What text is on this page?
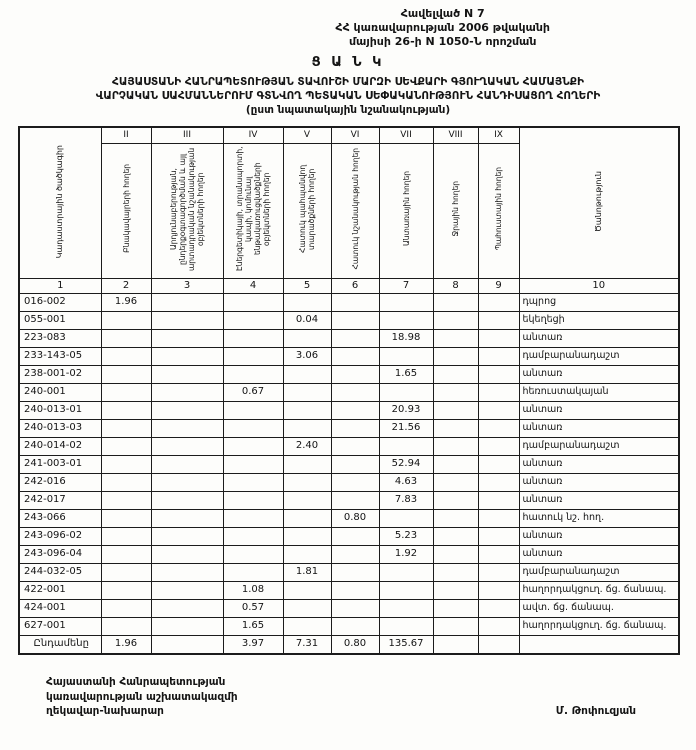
Հավելված N 7
ՀՀ կառավարության 2006 թվականի
մայիսի 26-ի N 1050-Ն որոշման
Ց Ա Ն Կ
ՀԱՅԱՍՏԱՆԻ ՀԱՆՐԱՊԵՏՈՒԹՅԱՆ ՏԱՎՈՒՇԻ ՄԱՐԶԻ ՍԵՎՔԱՐԻ ԳՅՈՒՂԱԿԱՆ ՀԱՄԱՅՆՔԻ
ՎԱՐՉԱԿԱՆ ՍԱՀՄԱՆՆԵՐՈՒՄ ԳՏՆՎՈՂ ՊԵՏԱԿԱՆ ՍԵՓԱԿԱՆՈՒԹՅՈՒՆ ՀԱՆԴԻՍԱՑՈՂ ՀՈՂԵՐԻ
(ըստ նպատակային նշանակության)
Կադաստրային ծածկագիր	II	III	IV	V	VI	VII	VIII	IX	Ծանոթություն
	Բնակավայրերի հողեր	Արդյունաբերության, ընդերքօգտագործման և այլ արտադրական նշանակության օբյեկտների հողեր	Էներգետիկայի, տրանսպորտի, կապի, կոմունալ ենթակառուցվածքների օբյեկտների հողեր	Հատուկ պահպանվող տարածքների հողեր	Հատուկ նշանակության հողեր	Անտառային հողեր	Ջրային հողեր	Պահուստային հողեր	
1	2	3	4	5	6	7	8	9	10
016-002	1.96								դպրոց
055-001				0.04					եկեղեցի
223-083						18.98			անտառ
233-143-05				3.06					դամբարանադաշտ
238-001-02						1.65			անտառ
240-001			0.67						հեռուստակայան
240-013-01						20.93			անտառ
240-013-03						21.56			անտառ
240-014-02				2.40					դամբարանադաշտ
241-003-01						52.94			անտառ
242-016						4.63			անտառ
242-017						7.83			անտառ
243-066					0.80				հատուկ նշ. հող.
243-096-02						5.23			անտառ
243-096-04						1.92			անտառ
244-032-05				1.81					դամբարանադաշտ
422-001			1.08						հաղորդակցուղ. ճց. ճանապ.
424-001			0.57						ավտ. ճց. ճանապ.
627-001			1.65						հաղորդակցուղ. ճց. ճանապ.
Ընդամենը	1.96		3.97	7.31	0.80	135.67			
Հայաստանի Հանրապետության
կառավարության աշխատակազմի
ղեկավար-նախարար	Մ. Թոփուզյան
